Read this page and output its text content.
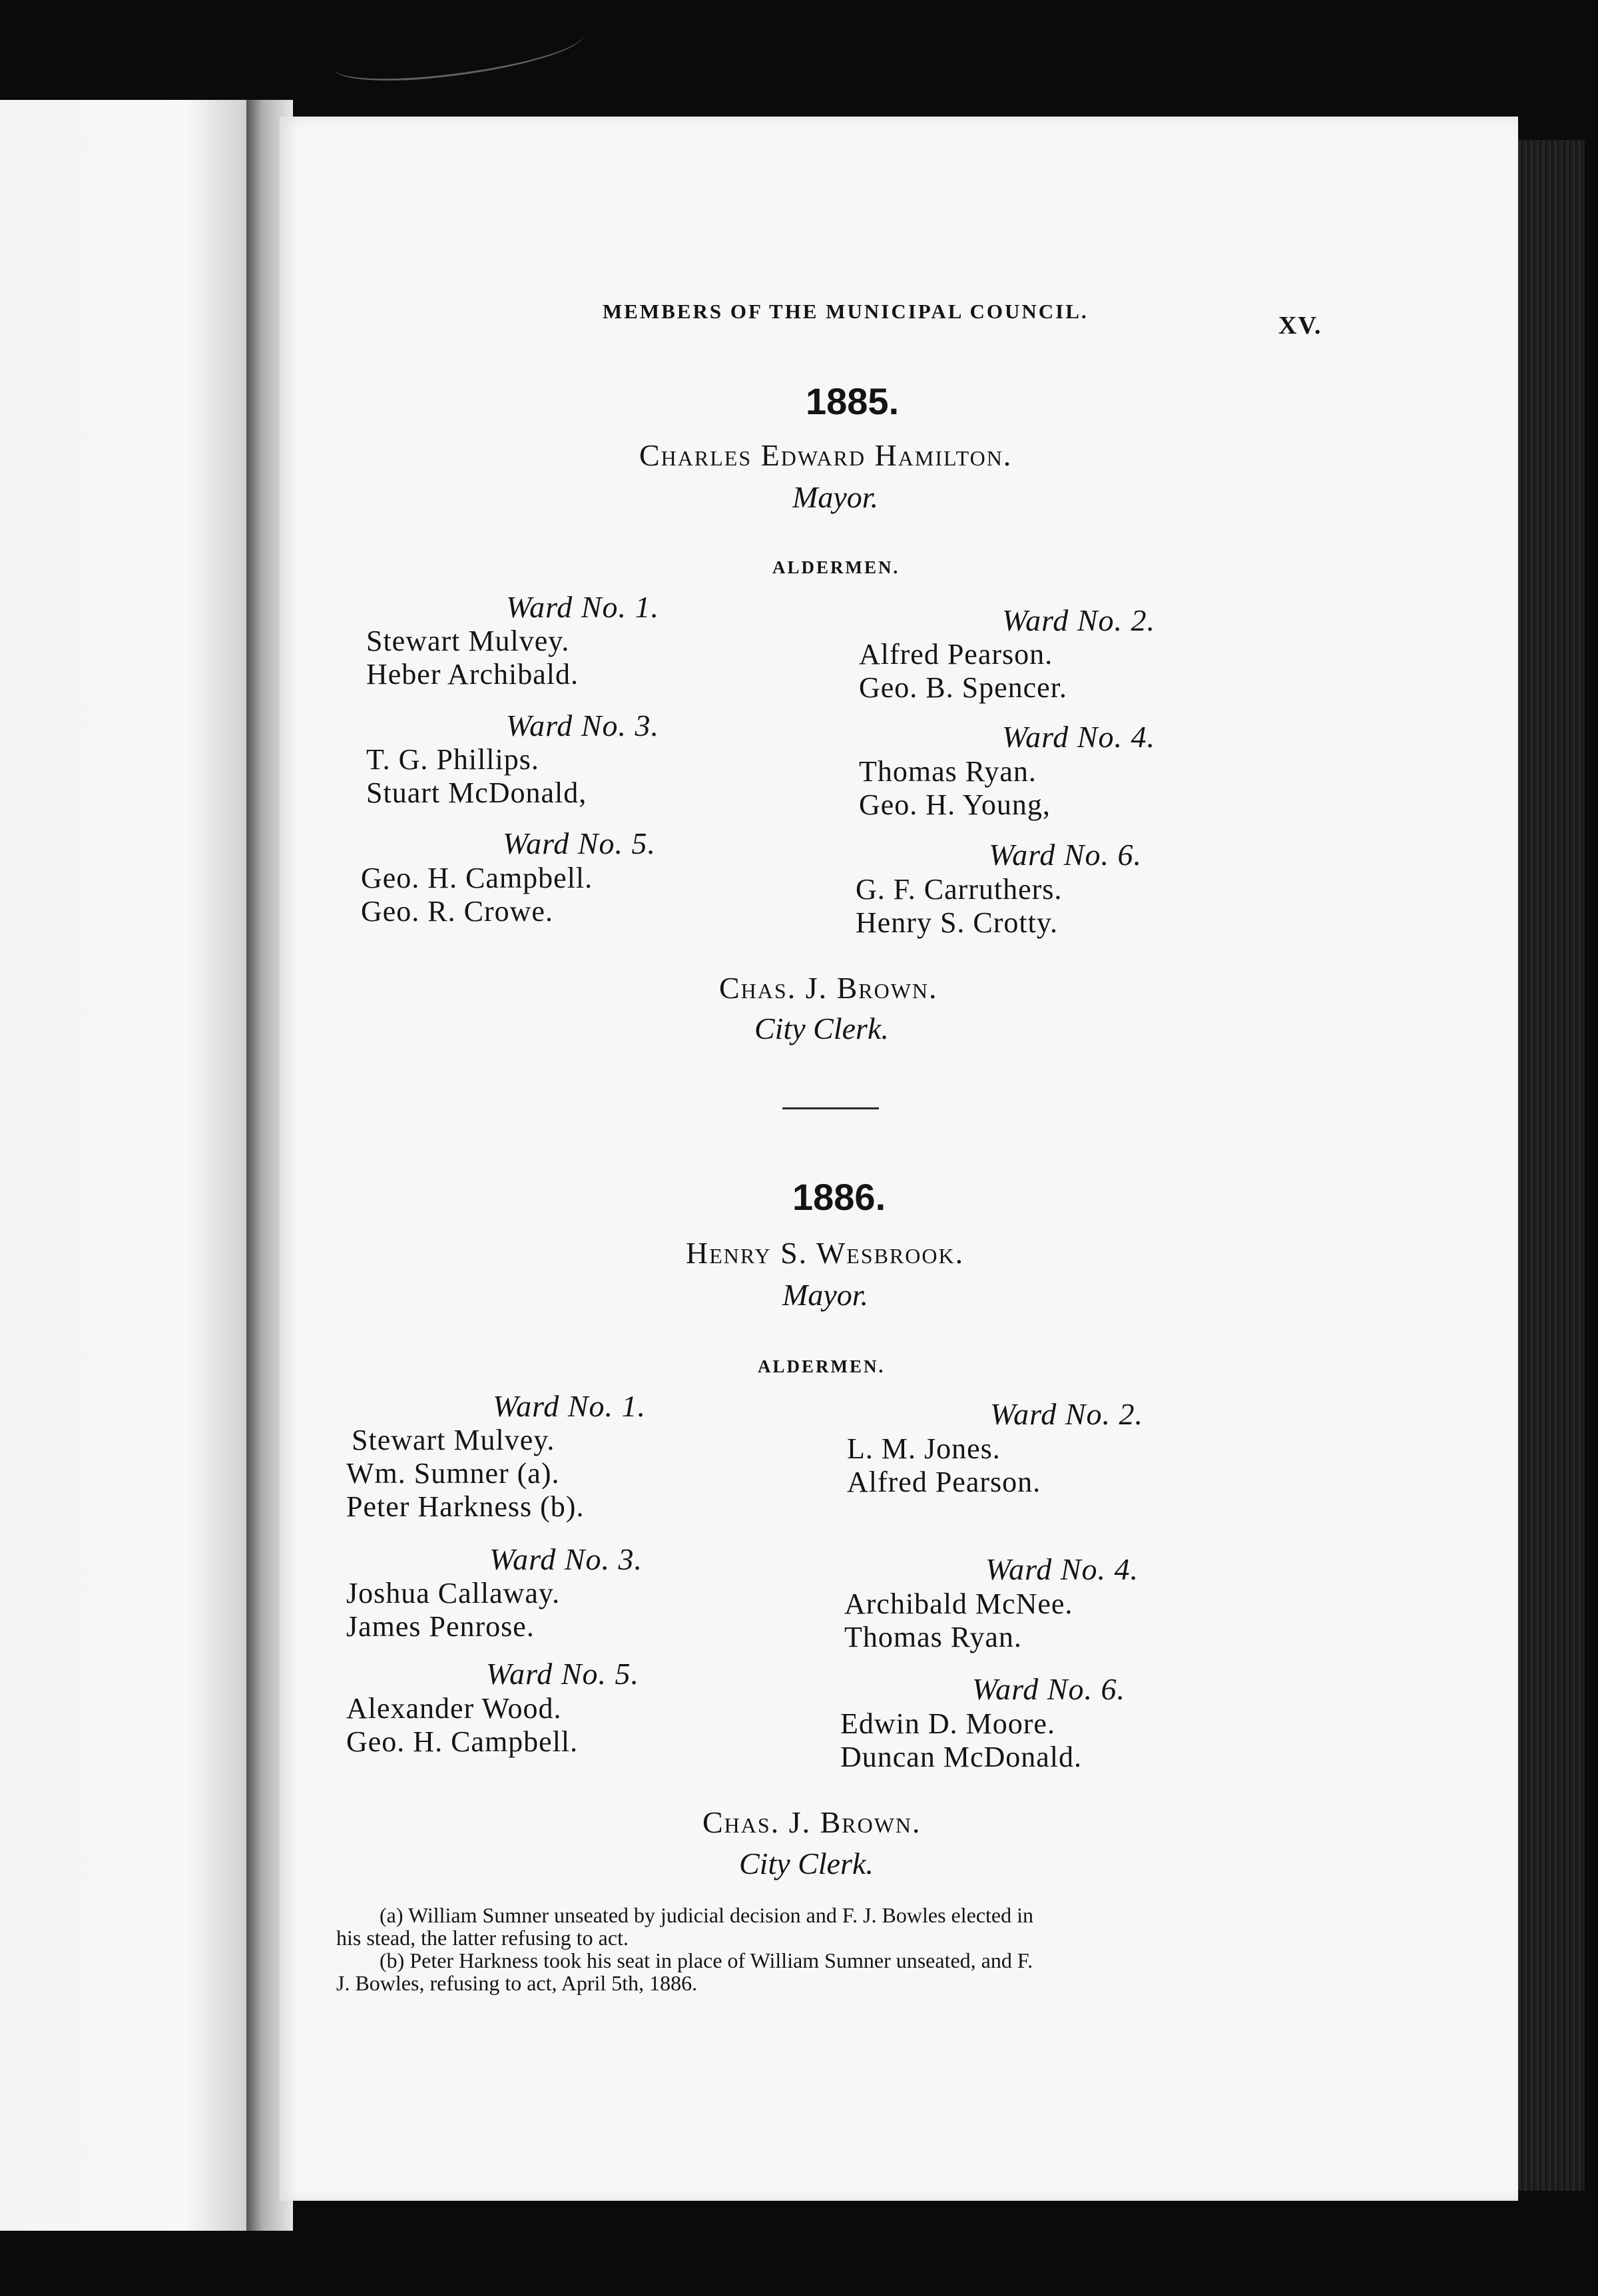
MEMBERS OF THE MUNICIPAL COUNCIL.
XV.
1885.
Charles Edward Hamilton.
Mayor.
ALDERMEN.
Ward No. 1.
Stewart Mulvey.
Heber Archibald.
Ward No. 2.
Alfred Pearson.
Geo. B. Spencer.
Ward No. 3.
T. G. Phillips.
Stuart McDonald,
Ward No. 4.
Thomas Ryan.
Geo. H. Young,
Ward No. 5.
Geo. H. Campbell.
Geo. R. Crowe.
Ward No. 6.
G. F. Carruthers.
Henry S. Crotty.
Chas. J. Brown.
City Clerk.
1886.
Henry S. Wesbrook.
Mayor.
ALDERMEN.
Ward No. 1.
Stewart Mulvey.
Wm. Sumner (a).
Peter Harkness (b).
Ward No. 2.
L. M. Jones.
Alfred Pearson.
Ward No. 3.
Joshua Callaway.
James Penrose.
Ward No. 4.
Archibald McNee.
Thomas Ryan.
Ward No. 5.
Alexander Wood.
Geo. H. Campbell.
Ward No. 6.
Edwin D. Moore.
Duncan McDonald.
Chas. J. Brown.
City Clerk.
(a) William Sumner unseated by judicial decision and F. J. Bowles elected in
his stead, the latter refusing to act.
(b) Peter Harkness took his seat in place of William Sumner unseated, and F.
J. Bowles, refusing to act, April 5th, 1886.
